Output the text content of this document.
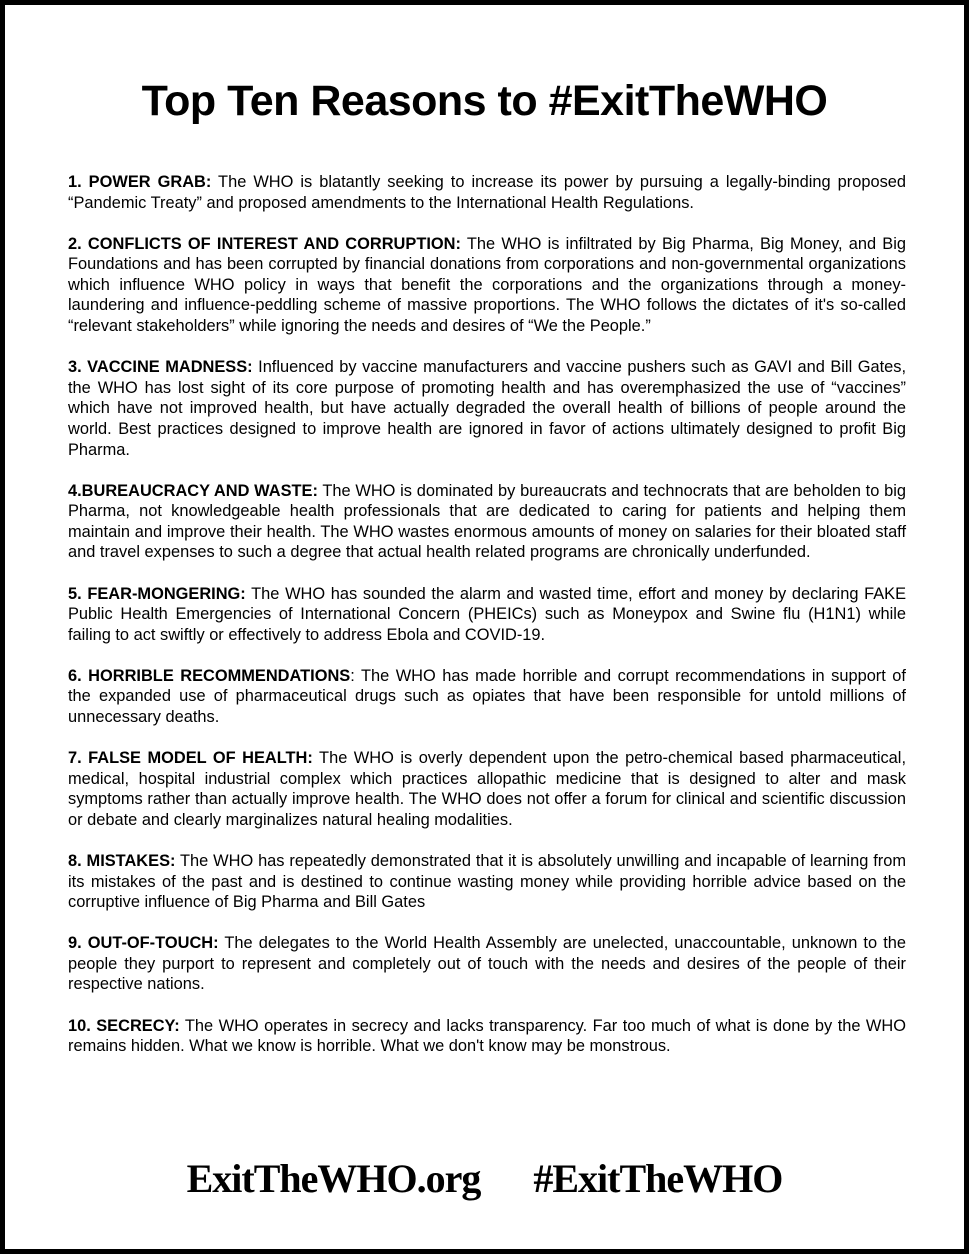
Top Ten Reasons to #ExitTheWHO

1. POWER GRAB: The WHO is blatantly seeking to increase its power by pursuing a legally-binding proposed “Pandemic Treaty” and proposed amendments to the International Health Regulations.

2. CONFLICTS OF INTEREST AND CORRUPTION: The WHO is infiltrated by Big Pharma, Big Money, and Big Foundations and has been corrupted by financial donations from corporations and non-governmental organizations which influence WHO policy in ways that benefit the corporations and the organizations through a money-laundering and influence-peddling scheme of massive proportions. The WHO follows the dictates of it's so-called “relevant stakeholders” while ignoring the needs and desires of “We the People.”

3. VACCINE MADNESS: Influenced by vaccine manufacturers and vaccine pushers such as GAVI and Bill Gates, the WHO has lost sight of its core purpose of promoting health and has overemphasized the use of “vaccines” which have not improved health, but have actually degraded the overall health of billions of people around the world. Best practices designed to improve health are ignored in favor of actions ultimately designed to profit Big Pharma.

4.BUREAUCRACY AND WASTE: The WHO is dominated by bureaucrats and technocrats that are beholden to big Pharma, not knowledgeable health professionals that are dedicated to caring for patients and helping them maintain and improve their health. The WHO wastes enormous amounts of money on salaries for their bloated staff and travel expenses to such a degree that actual health related programs are chronically underfunded.

5. FEAR-MONGERING: The WHO has sounded the alarm and wasted time, effort and money by declaring FAKE Public Health Emergencies of International Concern (PHEICs) such as Moneypox and Swine flu (H1N1) while failing to act swiftly or effectively to address Ebola and COVID-19.

6. HORRIBLE RECOMMENDATIONS: The WHO has made horrible and corrupt recommendations in support of the expanded use of pharmaceutical drugs such as opiates that have been responsible for untold millions of unnecessary deaths.

7. FALSE MODEL OF HEALTH: The WHO is overly dependent upon the petro-chemical based pharmaceutical, medical, hospital industrial complex which practices allopathic medicine that is designed to alter and mask symptoms rather than actually improve health. The WHO does not offer a forum for clinical and scientific discussion or debate and clearly marginalizes natural healing modalities.

8. MISTAKES: The WHO has repeatedly demonstrated that it is absolutely unwilling and incapable of learning from its mistakes of the past and is destined to continue wasting money while providing horrible advice based on the corruptive influence of Big Pharma and Bill Gates

9. OUT-OF-TOUCH: The delegates to the World Health Assembly are unelected, unaccountable, unknown to the people they purport to represent and completely out of touch with the needs and desires of the people of their respective nations.

10. SECRECY: The WHO operates in secrecy and lacks transparency. Far too much of what is done by the WHO remains hidden. What we know is horrible. What we don't know may be monstrous.

ExitTheWHO.org #ExitTheWHO
